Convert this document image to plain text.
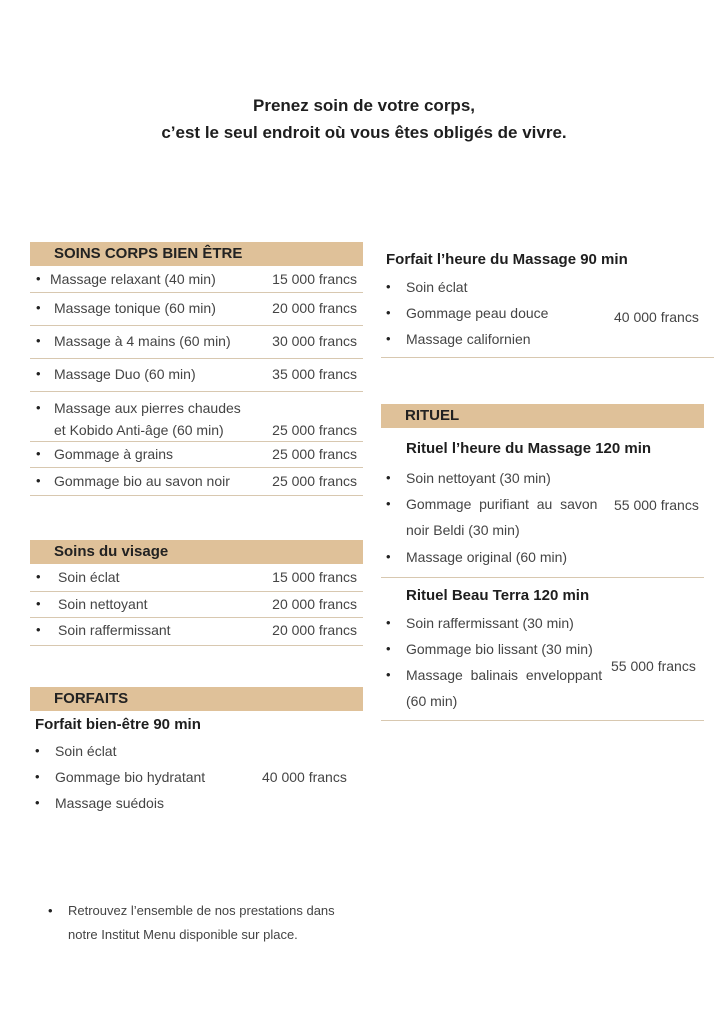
Prenez soin de votre corps,
c’est le seul endroit où vous êtes obligés de vivre.
SOINS CORPS BIEN ÊTRE
• Massage relaxant (40 min)	15 000 francs
• Massage tonique (60 min)	20 000 francs
• Massage à 4 mains (60 min)	30 000 francs
• Massage Duo (60 min)	35 000 francs
• Massage aux pierres chaudes
et Kobido Anti-âge (60 min)	25 000 francs
• Gommage à grains	25 000 francs
• Gommage bio au savon noir	25 000 francs
Soins du visage
• Soin éclat	15 000 francs
• Soin nettoyant	20 000 francs
• Soin raffermissant	20 000 francs
FORFAITS
Forfait bien-être 90 min
• Soin éclat
• Gommage bio hydratant
• Massage suédois
40 000 francs
Forfait l’heure du Massage 90 min
• Soin éclat
• Gommage peau douce
• Massage californien
40 000 francs
RITUEL
Rituel l’heure du Massage 120 min
• Soin nettoyant (30 min)
• Gommage  purifiant  au  savon
noir Beldi (30 min)
• Massage original (60 min)
55 000 francs
Rituel Beau Terra 120 min
• Soin raffermissant (30 min)
• Gommage bio lissant (30 min)
• Massage  balinais  enveloppant
(60 min)
55 000 francs
• Retrouvez l’ensemble de nos prestations dans
notre Institut Menu disponible sur place.
